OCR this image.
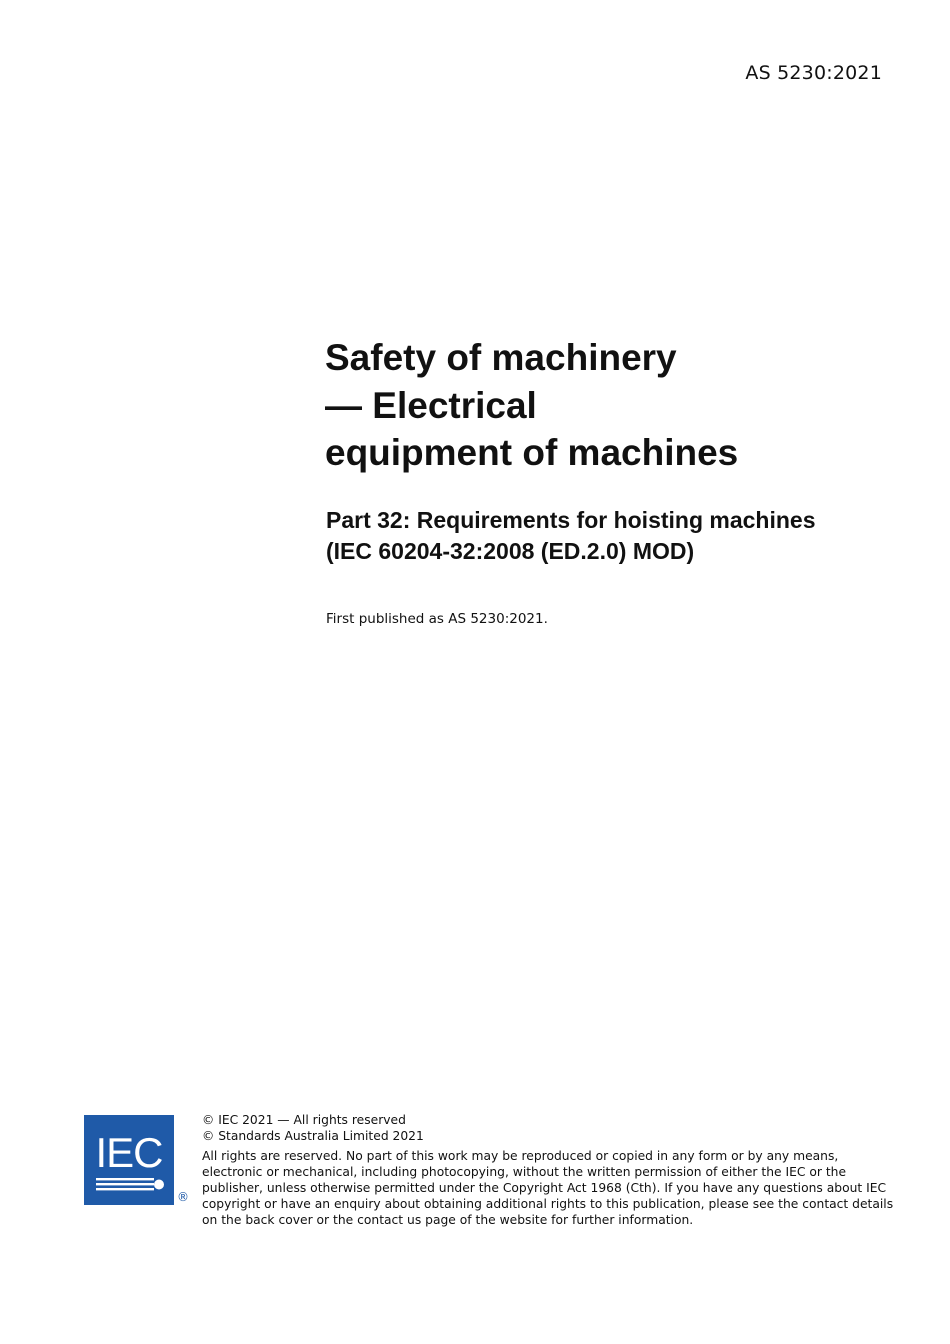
AS 5230:2021
Safety of machinery
— Electrical
equipment of machines
Part 32: Requirements for hoisting machines
(IEC 60204-32:2008 (ED.2.0) MOD)
First published as AS 5230:2021.
IEC
®
© IEC 2021 — All rights reserved
© Standards Australia Limited 2021
All rights are reserved. No part of this work may be reproduced or copied in any form or by any means,
electronic or mechanical, including photocopying, without the written permission of either the IEC or the
publisher, unless otherwise permitted under the Copyright Act 1968 (Cth). If you have any questions about IEC
copyright or have an enquiry about obtaining additional rights to this publication, please see the contact details
on the back cover or the contact us page of the website for further information.
